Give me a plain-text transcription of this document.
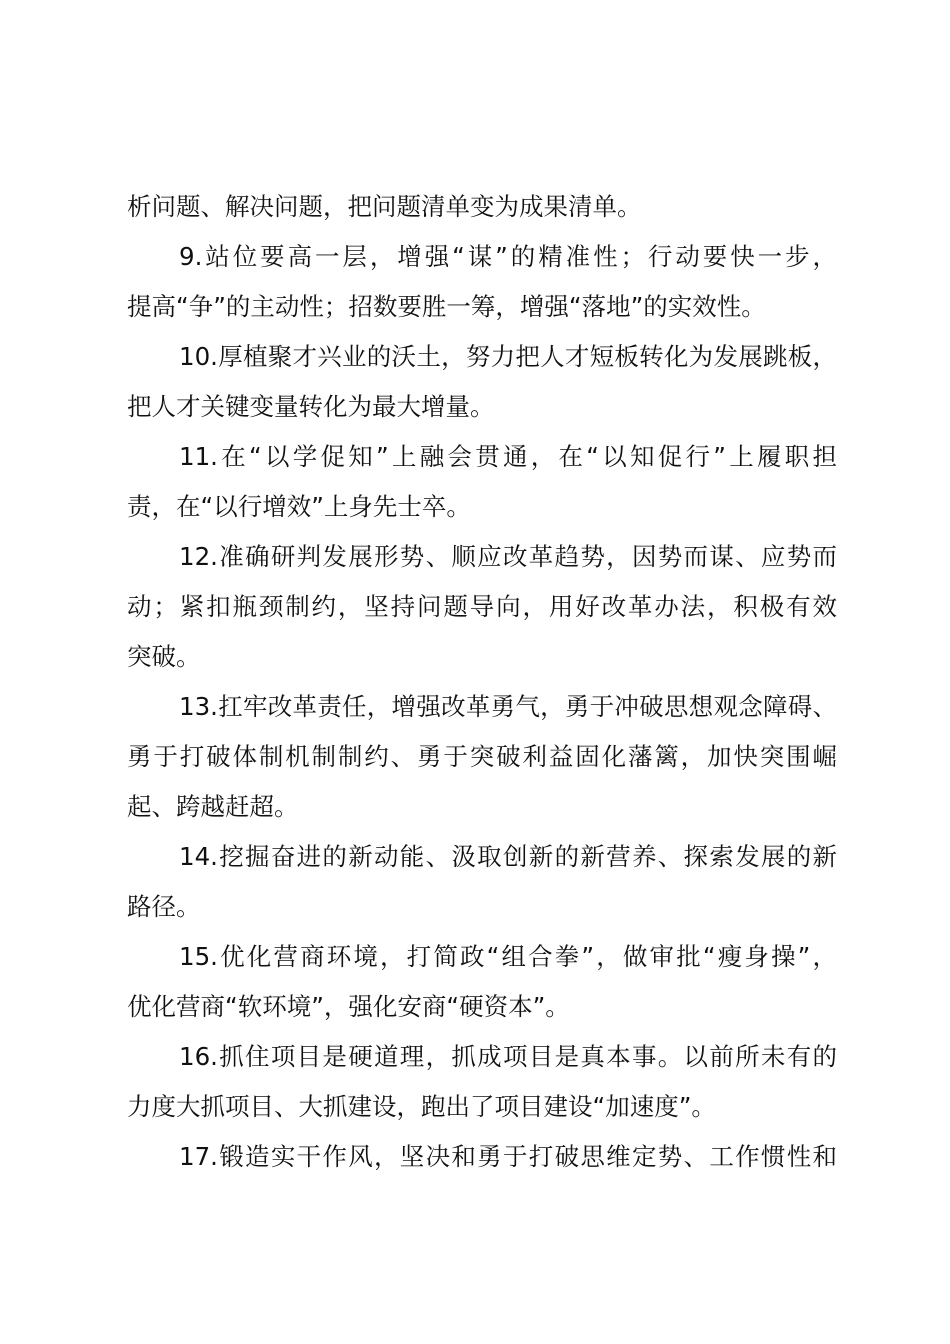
析问题、解决问题，把问题清单变为成果清单。
9.站位要高一层，增强“谋”的精准性；行动要快一步，
提高“争”的主动性；招数要胜一筹，增强“落地”的实效性。
10.厚植聚才兴业的沃土，努力把人才短板转化为发展跳板，
把人才关键变量转化为最大增量。
11.在“以学促知”上融会贯通，在“以知促行”上履职担
责，在“以行增效”上身先士卒。
12.准确研判发展形势、顺应改革趋势，因势而谋、应势而
动；紧扣瓶颈制约，坚持问题导向，用好改革办法，积极有效
突破。
13.扛牢改革责任，增强改革勇气，勇于冲破思想观念障碍、
勇于打破体制机制制约、勇于突破利益固化藩篱，加快突围崛
起、跨越赶超。
14.挖掘奋进的新动能、汲取创新的新营养、探索发展的新
路径。
15.优化营商环境，打简政“组合拳”，做审批“瘦身操”，
优化营商“软环境”，强化安商“硬资本”。
16.抓住项目是硬道理，抓成项目是真本事。以前所未有的
力度大抓项目、大抓建设，跑出了项目建设“加速度”。
17.锻造实干作风，坚决和勇于打破思维定势、工作惯性和
